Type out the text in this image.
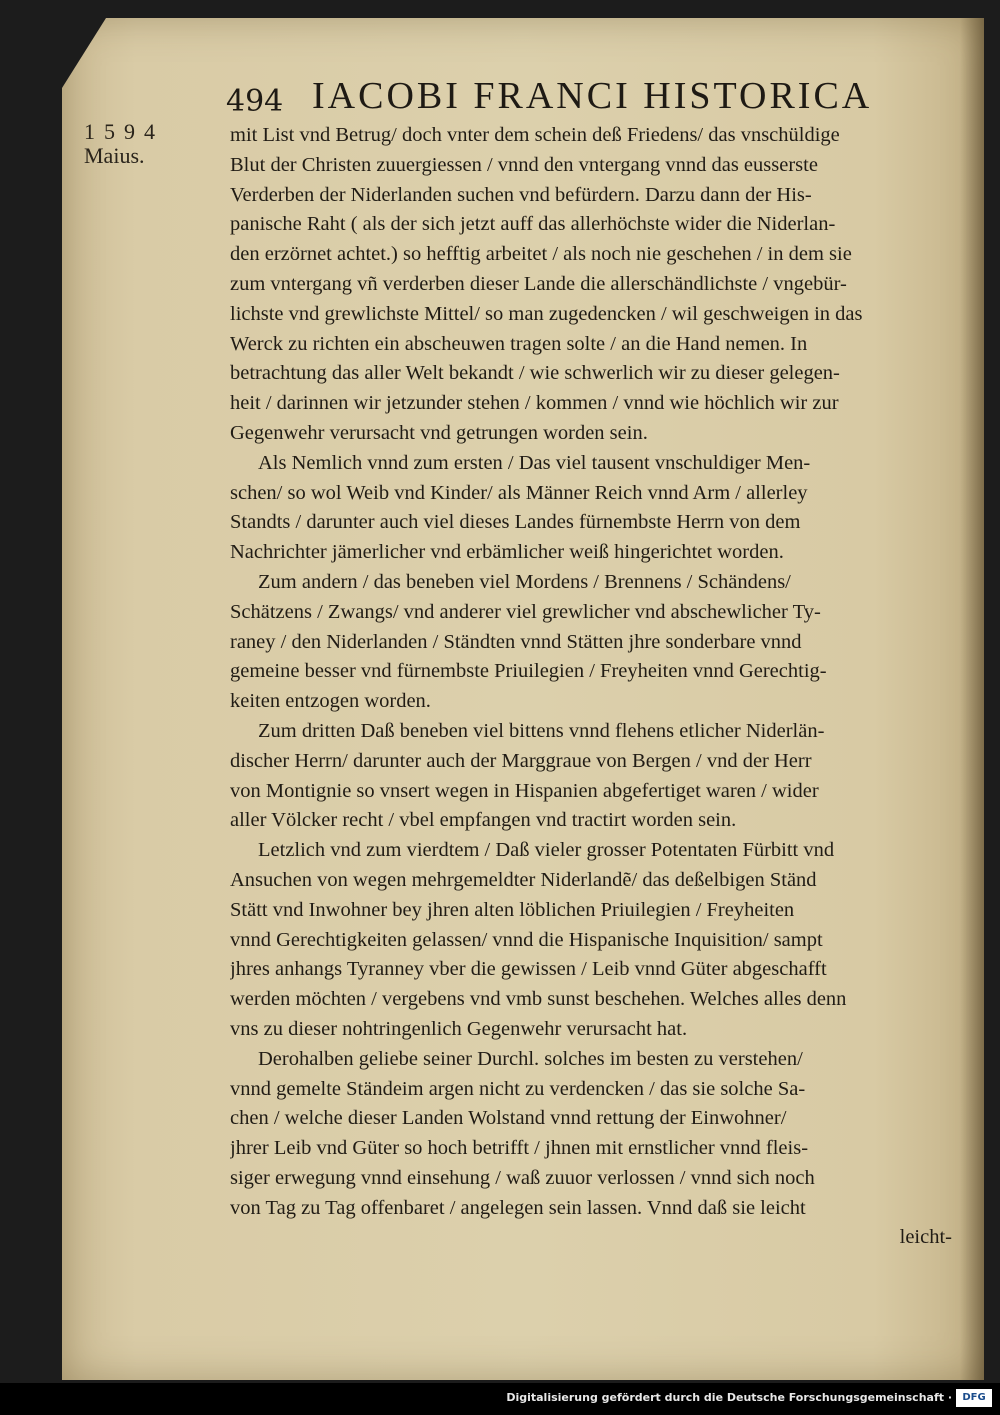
494 IACOBI FRANCI HISTORICA
1594
Maius.
mit List vnd Betrug/ doch vnter dem schein deß Friedens/ das vnschüldige
Blut der Christen zuuergiessen / vnnd den vntergang vnnd das eusserste
Verderben der Niderlanden suchen vnd befürdern. Darzu dann der His-
panische Raht ( als der sich jetzt auff das allerhöchste wider die Niderlan-
den erzörnet achtet.) so hefftig arbeitet / als noch nie geschehen / in dem sie
zum vntergang vñ verderben dieser Lande die allerschändlichste / vngebür-
lichste vnd grewlichste Mittel/ so man zugedencken / wil geschweigen in das
Werck zu richten ein abscheuwen tragen solte / an die Hand nemen. In
betrachtung das aller Welt bekandt / wie schwerlich wir zu dieser gelegen-
heit / darinnen wir jetzunder stehen / kommen / vnnd wie höchlich wir zur
Gegenwehr verursacht vnd getrungen worden sein.
Als Nemlich vnnd zum ersten / Das viel tausent vnschuldiger Men-
schen/ so wol Weib vnd Kinder/ als Männer Reich vnnd Arm / allerley
Standts / darunter auch viel dieses Landes fürnembste Herrn von dem
Nachrichter jämerlicher vnd erbämlicher weiß hingerichtet worden.
Zum andern / das beneben viel Mordens / Brennens / Schändens/
Schätzens / Zwangs/ vnd anderer viel grewlicher vnd abschewlicher Ty-
raney / den Niderlanden / Ständten vnnd Stätten jhre sonderbare vnnd
gemeine besser vnd fürnembste Priuilegien / Freyheiten vnnd Gerechtig-
keiten entzogen worden.
Zum dritten Daß beneben viel bittens vnnd flehens etlicher Niderlän-
discher Herrn/ darunter auch der Marggraue von Bergen / vnd der Herr
von Montignie so vnsert wegen in Hispanien abgefertiget waren / wider
aller Völcker recht / vbel empfangen vnd tractirt worden sein.
Letzlich vnd zum vierdtem / Daß vieler grosser Potentaten Fürbitt vnd
Ansuchen von wegen mehrgemeldter Niderlandẽ/ das deßelbigen Ständ
Stätt vnd Inwohner bey jhren alten löblichen Priuilegien / Freyheiten
vnnd Gerechtigkeiten gelassen/ vnnd die Hispanische Inquisition/ sampt
jhres anhangs Tyranney vber die gewissen / Leib vnnd Güter abgeschafft
werden möchten / vergebens vnd vmb sunst beschehen. Welches alles denn
vns zu dieser nohtringenlich Gegenwehr verursacht hat.
Derohalben geliebe seiner Durchl. solches im besten zu verstehen/
vnnd gemelte Ständeim argen nicht zu verdencken / das sie solche Sa-
chen / welche dieser Landen Wolstand vnnd rettung der Einwohner/
jhrer Leib vnd Güter so hoch betrifft / jhnen mit ernstlicher vnnd fleis-
siger erwegung vnnd einsehung / waß zuuor verlossen / vnnd sich noch
von Tag zu Tag offenbaret / angelegen sein lassen. Vnnd daß sie leicht
leicht-
Digitalisierung gefördert durch die Deutsche Forschungsgemeinschaft ·	DFG
